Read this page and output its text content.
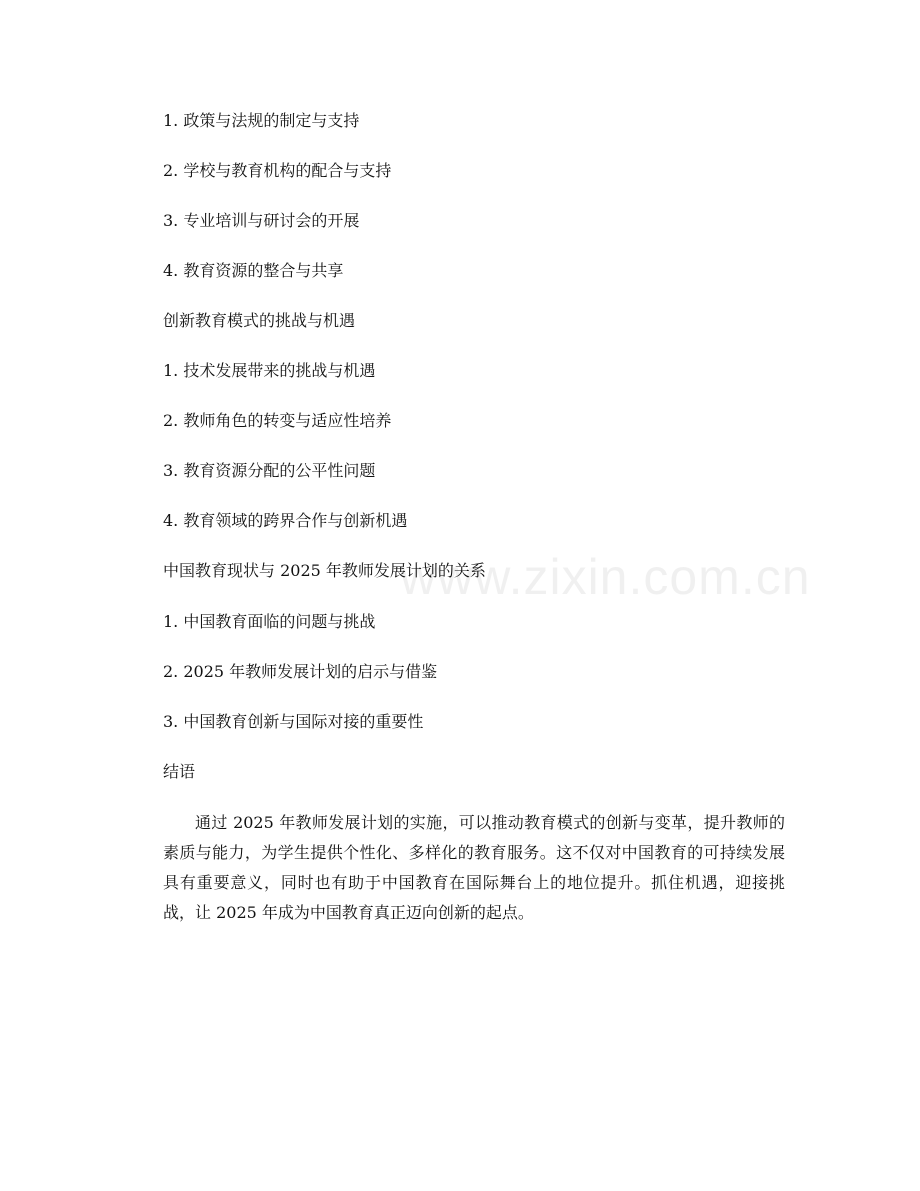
1. 政策与法规的制定与支持
2. 学校与教育机构的配合与支持
3. 专业培训与研讨会的开展
4. 教育资源的整合与共享
创新教育模式的挑战与机遇
1. 技术发展带来的挑战与机遇
2. 教师角色的转变与适应性培养
3. 教育资源分配的公平性问题
4. 教育领域的跨界合作与创新机遇
中国教育现状与 2025 年教师发展计划的关系
1. 中国教育面临的问题与挑战
2. 2025 年教师发展计划的启示与借鉴
3. 中国教育创新与国际对接的重要性
结语
通过 2025 年教师发展计划的实施，可以推动教育模式的创新与变革，提升教师的素质与能力，为学生提供个性化、多样化的教育服务。这不仅对中国教育的可持续发展具有重要意义，同时也有助于中国教育在国际舞台上的地位提升。抓住机遇，迎接挑战，让 2025 年成为中国教育真正迈向创新的起点。
www.zixin.com.cn
